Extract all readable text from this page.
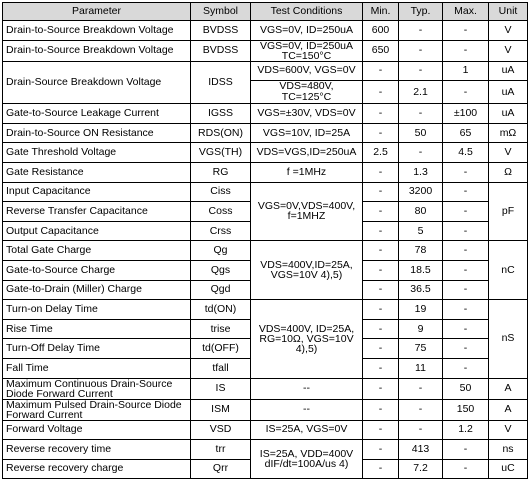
Parameter	Symbol	Test Conditions	Min.	Typ.	Max.	Unit
Drain-to-Source Breakdown Voltage	BVDSS	VGS=0V, ID=250uA	600	-	-	V
Drain-to-Source Breakdown Voltage	BVDSS	VGS=0V, ID=250uA TC=150°C	650	-	-	V
Drain-Source Breakdown Voltage	IDSS	VDS=600V, VGS=0V	-	-	1	uA
		VDS=480V, TC=125°C	-	2.1	-	uA
Gate-to-Source Leakage Current	IGSS	VGS=±30V, VDS=0V	-	-	±100	uA
Drain-to-Source ON Resistance	RDS(ON)	VGS=10V, ID=25A	-	50	65	mΩ
Gate Threshold Voltage	VGS(TH)	VDS=VGS,ID=250uA	2.5	-	4.5	V
Gate Resistance	RG	f =1MHz	-	1.3	-	Ω
Input Capacitance	Ciss	VGS=0V,VDS=400V, f=1MHZ	-	3200	-	pF
Reverse Transfer Capacitance	Coss		-	80	-	
Output Capacitance	Crss		-	5	-	
Total Gate Charge	Qg	VDS=400V,ID=25A, VGS=10V 4),5)	-	78	-	nC
Gate-to-Source Charge	Qgs		-	18.5	-	
Gate-to-Drain (Miller) Charge	Qgd		-	36.5	-	
Turn-on Delay Time	td(ON)	VDS=400V, ID=25A, RG=10Ω, VGS=10V 4),5)	-	19	-	nS
Rise Time	trise		-	9	-	
Turn-Off Delay Time	td(OFF)		-	75	-	
Fall Time	tfall		-	11	-	
Maximum Continuous Drain-Source Diode Forward Current	IS	--	-	-	50	A
Maximum Pulsed Drain-Source Diode Forward Current	ISM	--	-	-	150	A
Forward Voltage	VSD	IS=25A, VGS=0V	-	-	1.2	V
Reverse recovery time	trr	IS=25A, VDD=400V dIF/dt=100A/us 4)	-	413	-	ns
Reverse recovery charge	Qrr		-	7.2	-	uC
